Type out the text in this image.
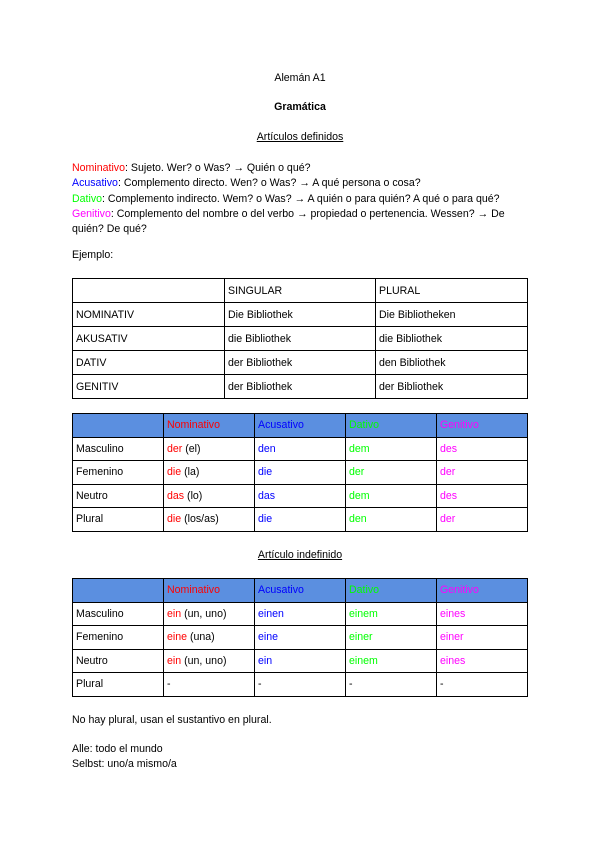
Alemán A1
Gramática
Artículos definidos
Nominativo: Sujeto. Wer? o Was? → Quién o qué?
Acusativo: Complemento directo. Wen? o Was? → A qué persona o cosa?
Dativo: Complemento indirecto. Wem? o Was? → A quién o para quién? A qué o para qué?
Genitivo: Complemento del nombre o del verbo → propiedad o pertenencia. Wessen? → De quién? De qué?
Ejemplo:
	SINGULAR	PLURAL
NOMINATIV	Die Bibliothek	Die Bibliotheken
AKUSATIV	die Bibliothek	die Bibliothek
DATIV	der Bibliothek	den Bibliothek
GENITIV	der Bibliothek	der Bibliothek
	Nominativo	Acusativo	Dativo	Genitivo
Masculino	der (el)	den	dem	des
Femenino	die (la)	die	der	der
Neutro	das (lo)	das	dem	des
Plural	die (los/as)	die	den	der
Artículo indefinido
	Nominativo	Acusativo	Dativo	Genitivo
Masculino	ein (un, uno)	einen	einem	eines
Femenino	eine (una)	eine	einer	einer
Neutro	ein (un, uno)	ein	einem	eines
Plural	-	-	-	-
No hay plural, usan el sustantivo en plural.
Alle: todo el mundo
Selbst: uno/a mismo/a
